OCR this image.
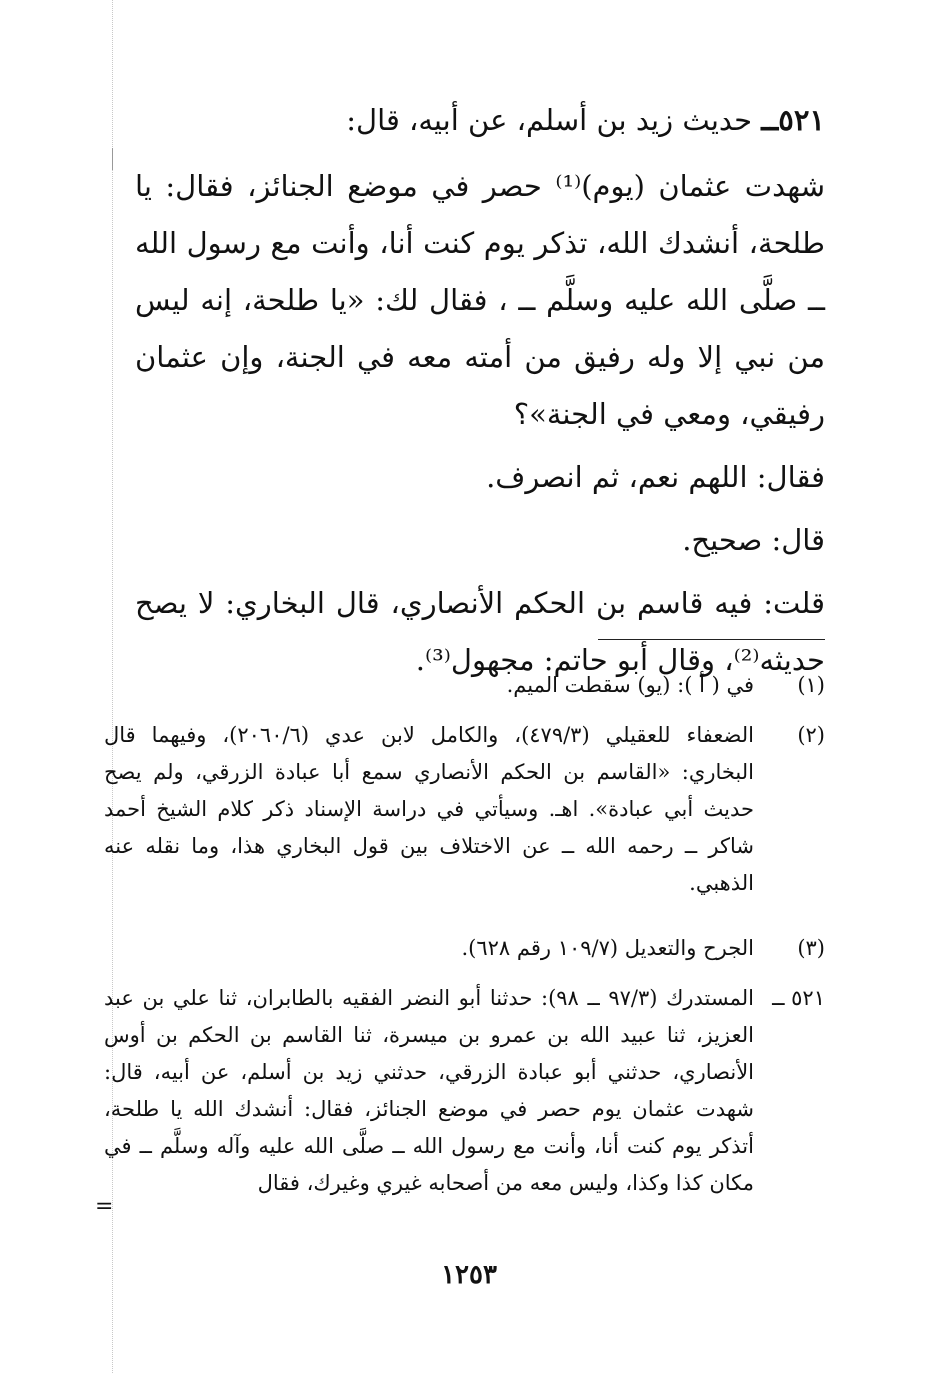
٥٢١ــ حديث زيد بن أسلم، عن أبيه، قال:

شهدت عثمان (يوم)⁽¹⁾ حصر في موضع الجنائز، فقال: يا طلحة، أنشدك الله، تذكر يوم كنت أنا، وأنت مع رسول الله ــ صلَّى الله عليه وسلَّم ــ ، فقال لك: «يا طلحة، إنه ليس من نبي إلا وله رفيق من أمته معه في الجنة، وإن عثمان رفيقي، ومعي في الجنة»؟

فقال: اللهم نعم، ثم انصرف.

قال: صحيح.

قلت: فيه قاسم بن الحكم الأنصاري، قال البخاري: لا يصح حديثه⁽²⁾، وقال أبو حاتم: مجهول⁽³⁾.

(١)
في ( أ ): (يو) سقطت الميم.
(٢)
الضعفاء للعقيلي (٤٧٩/٣)، والكامل لابن عدي (٢٠٦٠/٦)، وفيهما قال البخاري: «القاسم بن الحكم الأنصاري سمع أبا عبادة الزرقي، ولم يصح حديث أبي عبادة». اهـ. وسيأتي في دراسة الإسناد ذكر كلام الشيخ أحمد شاكر ــ رحمه الله ــ عن الاختلاف بين قول البخاري هذا، وما نقله عنه الذهبي.
(٣)
الجرح والتعديل (١٠٩/٧ رقم ٦٢٨).
٥٢١ ــ
المستدرك (٩٧/٣ ــ ٩٨): حدثنا أبو النضر الفقيه بالطابران، ثنا علي بن عبد العزيز، ثنا عبيد الله بن عمرو بن ميسرة، ثنا القاسم بن الحكم بن أوس الأنصاري، حدثني أبو عبادة الزرقي، حدثني زيد بن أسلم، عن أبيه، قال: شهدت عثمان يوم حصر في موضع الجنائز، فقال: أنشدك الله يا طلحة، أتذكر يوم كنت أنا، وأنت مع رسول الله ــ صلَّى الله عليه وآله وسلَّم ــ في مكان كذا وكذا، وليس معه من أصحابه غيري وغيرك، فقال
=
١٢٥٣
